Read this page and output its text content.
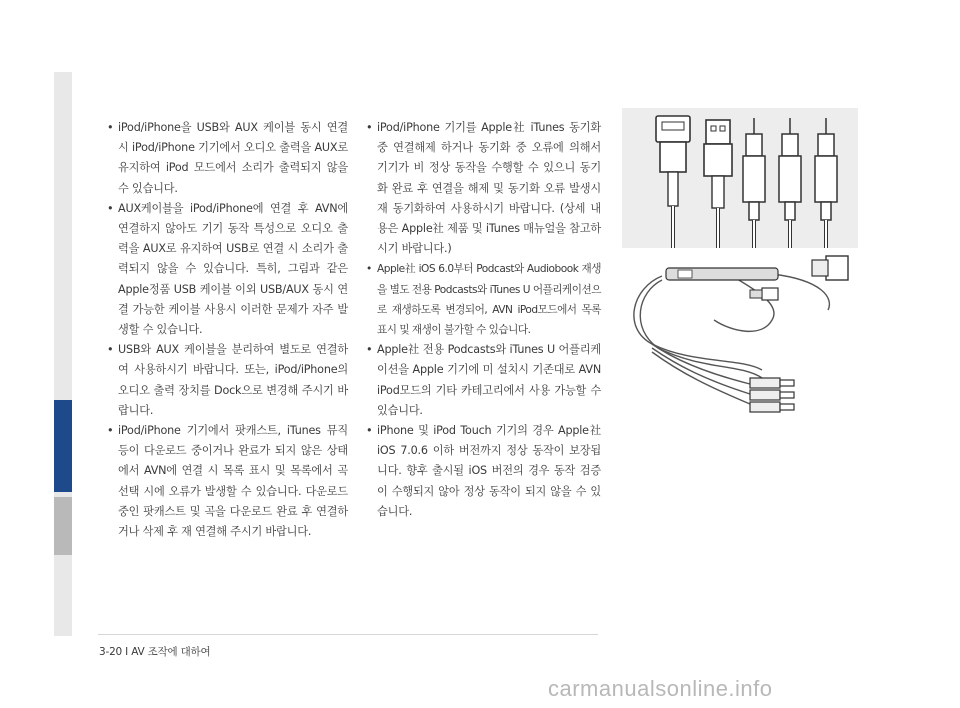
• iPod/iPhone을 USB와 AUX 케이블 동시 연결 시 iPod/iPhone 기기에서 오디오 출력을 AUX로 유지하여 iPod 모드에서 소리가 출력되지 않을 수 있습니다.
• AUX케이블을 iPod/iPhone에 연결 후 AVN에 연결하지 않아도 기기 동작 특성으로 오디오 출력을 AUX로 유지하여 USB로 연결 시 소리가 출력되지 않을 수 있습니다. 특히, 그림과 같은 Apple정품 USB 케이블 이외 USB/AUX 동시 연결 가능한 케이블 사용시 이러한 문제가 자주 발생할 수 있습니다.
• USB와 AUX 케이블을 분리하여 별도로 연결하여 사용하시기 바랍니다. 또는, iPod/iPhone의 오디오 출력 장치를 Dock으로 변경해 주시기 바랍니다.
• iPod/iPhone 기기에서 팟캐스트, iTunes 뮤직등이 다운로드 중이거나 완료가 되지 않은 상태에서 AVN에 연결 시 목록 표시 및 목록에서 곡 선택 시에 오류가 발생할 수 있습니다. 다운로드 중인 팟캐스트 및 곡을 다운로드 완료 후 연결하거나 삭제 후 재 연결해 주시기 바랍니다.
• iPod/iPhone 기기를 Apple社 iTunes 동기화 중 연결해제 하거나 동기화 중 오류에 의해서 기기가 비 정상 동작을 수행할 수 있으니 동기화 완료 후 연결을 해제 및 동기화 오류 발생시 재 동기화하여 사용하시기 바랍니다. (상세 내용은 Apple社 제품 및 iTunes 매뉴얼을 참고하시기 바랍니다.)
• Apple社 iOS 6.0부터 Podcast와 Audiobook 재생을 별도 전용 Podcasts와 iTunes U 어플리케이션으로 재생하도록 변경되어, AVN iPod모드에서 목록 표시 및 재생이 불가할 수 있습니다.
• Apple社 전용 Podcasts와 iTunes U 어플리케이션을 Apple 기기에 미 설치시 기존대로 AVN iPod모드의 기타 카테고리에서 사용 가능할 수 있습니다.
• iPhone 및 iPod Touch 기기의 경우 Apple社 iOS 7.0.6 이하 버전까지 정상 동작이 보장됩니다. 향후 출시될 iOS 버전의 경우 동작 검증이 수행되지 않아 정상 동작이 되지 않을 수 있습니다.
3-20 I AV 조작에 대하여
carmanualsonline.info
